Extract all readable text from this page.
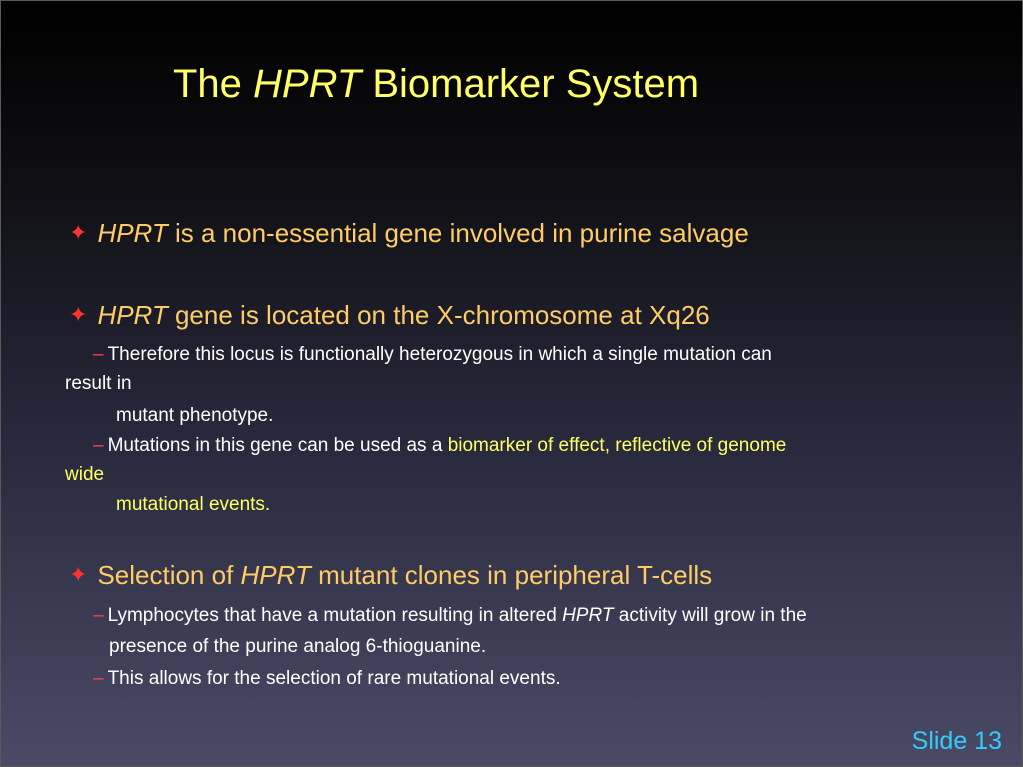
The HPRT Biomarker System
✦ HPRT is a non-essential gene involved in purine salvage
✦ HPRT gene is located on the X-chromosome at Xq26
– Therefore this locus is functionally heterozygous in which a single mutation can
result in
mutant phenotype.
– Mutations in this gene can be used as a biomarker of effect, reflective of genome
wide
mutational events.
✦ Selection of HPRT mutant clones in peripheral T-cells
– Lymphocytes that have a mutation resulting in altered HPRT activity will grow in the
presence of the purine analog 6-thioguanine.
– This allows for the selection of rare mutational events.
Slide 13
